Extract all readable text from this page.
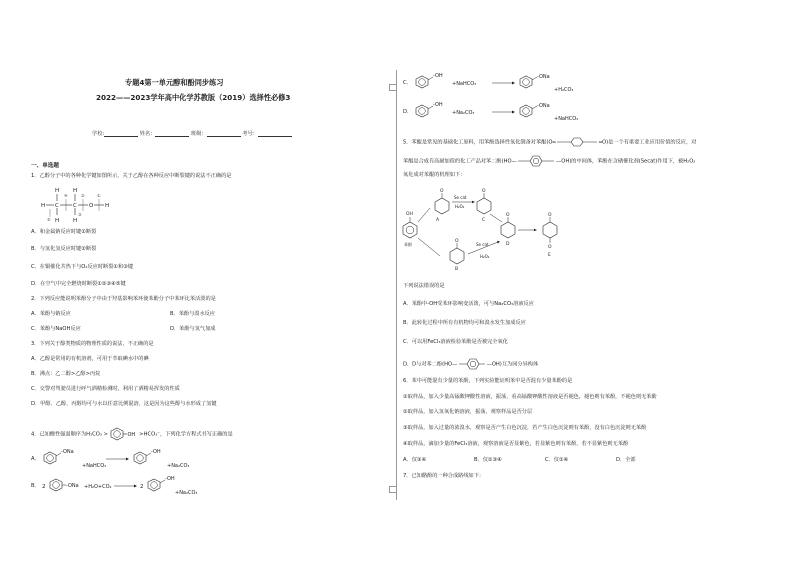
专题4第一单元醇和酚同步练习
2022——2023学年高中化学苏教版（2019）选择性必修3
学校:	姓名：	班级：	考号：
一、单选题
1．乙醇分子中的各种化学键如图所示，关于乙醇在各种反应中断裂键的说法不正确的是
H C	C O H
H	H
H	H
①
②
④
③
⑤
A．和金属钠反应时键①断裂
B．与氢化氢反应时键②断裂
C．在铜催化共热下与O₂反应时断裂①和③键
D．在空气中完全燃烧时断裂①②③④⑤键
2．下列反应能说明苯酚分子中由于羟基影响苯环使苯酚分子中苯环比苯活泼的是
A．苯酚与钠反应	B．苯酚与溴水反应
C．苯酚与NaOH反应	D．苯酚与氢气加成
3．下列关于醇类物质的物理性质的说法，不正确的是
A．乙醇是常用的有机溶剂，可用于萃取碘水中的碘
B．沸点：乙二醇>乙醇>丙烷
C．交警对驾驶员进行呼气酒精检测时，利用了酒精易挥发的性质
D．甲醇、乙醇、丙醇均可与水以任意比例混溶，这是因为这些醇与水形成了氢键
4．已知酸性强弱顺序为H₂CO₃ >	OH >HCO₃⁻，下列化学方程式书写正确的是
A．
-ONa
+NaHCO₃
-OH
+Na₂CO₃
B． 2	-ONa +H₂O+CO₂	2
-OH
+Na₂CO₃
C．
-OH
+NaHCO₃
-ONa
+H₂CO₃
D．
-OH
+Na₂CO₃
-ONa
+NaHCO₃
5．苯醌是常见的基础化工原料，用苯酚选择性氧化制备对苯醌(O═	═O)是一个有重要工业应用价值的反应，对
苯醌是合成有高耐加值的化工产品对苯二酚(HO—	—OH)的中间体，苯酚在含硒催化剂(Secat)作用下，被H₂O₂
氧化成对苯醌的机理如下：
OH
苯酚
O
A
O
B
Se cat
H₂O₂
O
C
Se cat
H₂O₂
O
D
O
O
E
下列说法错误的是
A．苯酚中-OH受苯环影响变活泼，可与Na₂CO₃溶液反应
B．此转化过程中所有有机物均可和溴水发生加成反应
C．可以用FeCl₃溶液检验苯酚是否被完全氧化
D．D与对苯二酚(HO—	—OH)互为同分异构体
6．苯中可能混有少量的苯酚，下列实验能证明苯中是否混有少量苯酚的是
①取样品，加入少量高锰酸钾酸性溶液，振荡，看高锰酸钾酸性溶液是否褪色，褪色则有苯酚，不褪色则无苯酚
②取样品，加入氢氧化钠溶液，振荡，观察样品是否分层
③取样品，加入过量的浓溴水，观察是否产生白色沉淀，若产生白色沉淀则有苯酚，没有白色沉淀则无苯酚
④取样品，滴加少量的FeCl₃溶液，观察溶液是否显紫色，若显紫色则有苯酚，若不显紫色则无苯酚
A．仅③④	B．仅①③④	C．仅①④	D．全部
7．已知酪酚的一种合成路线如下：
